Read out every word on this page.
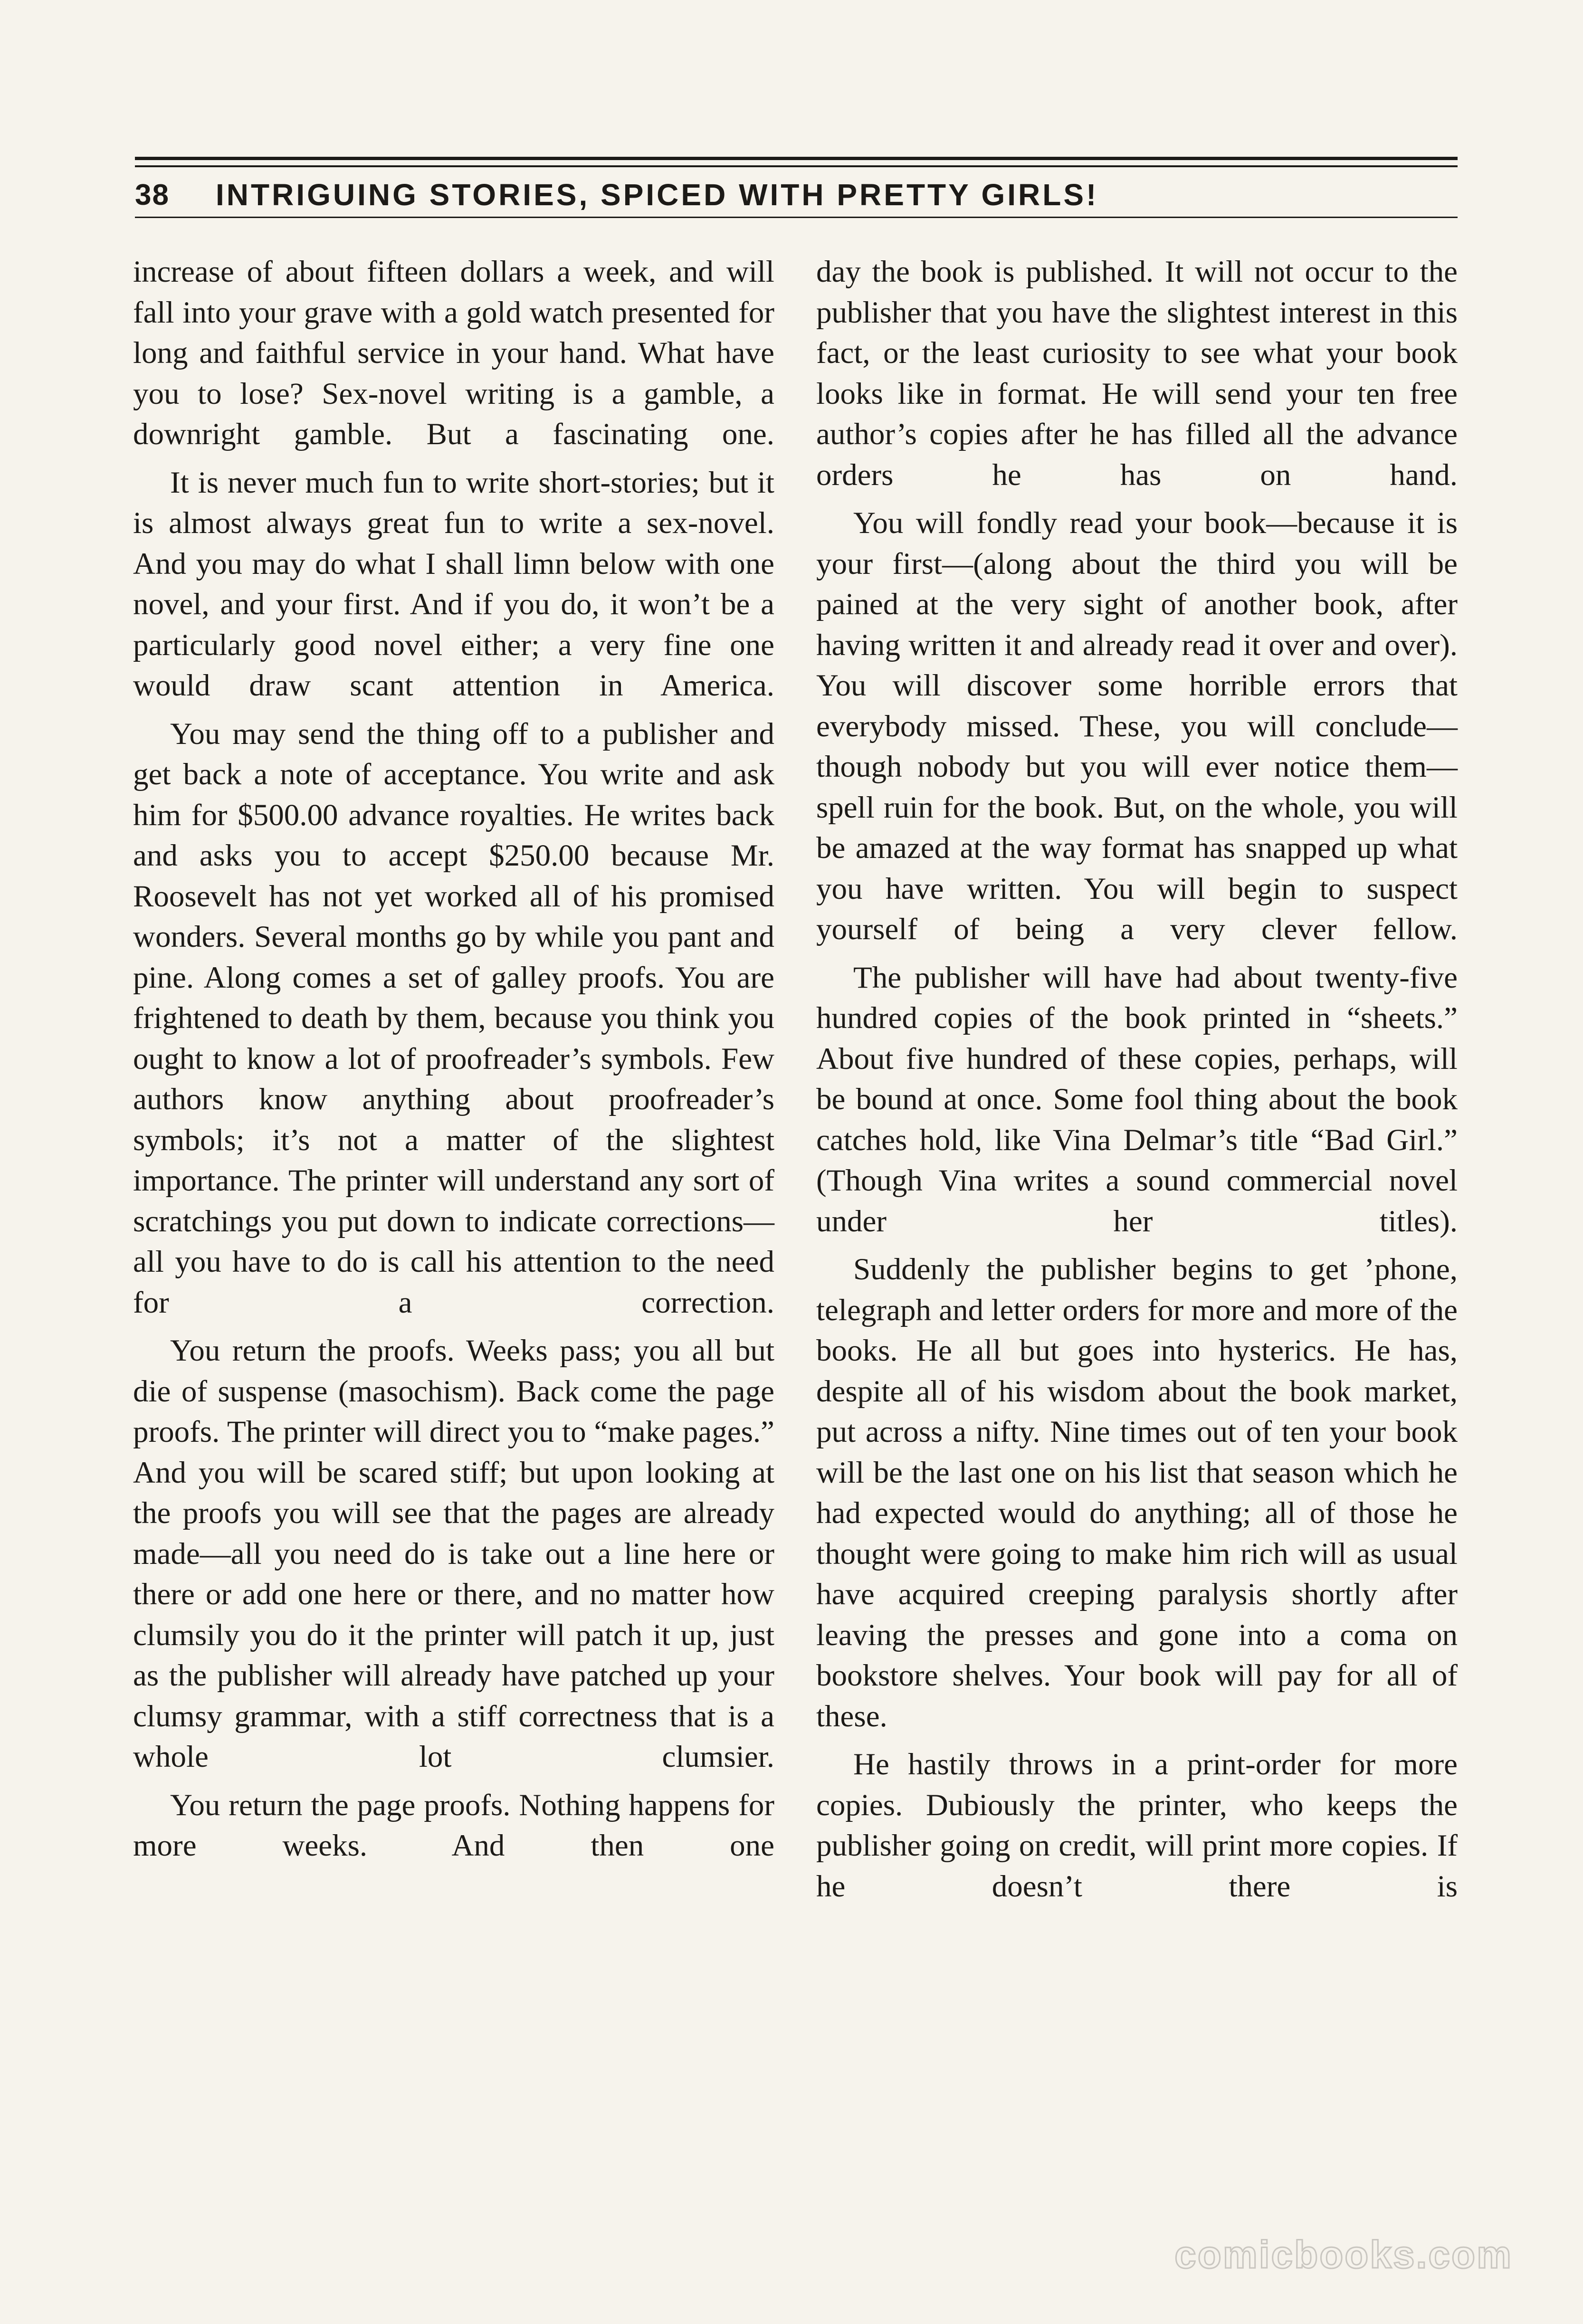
38	INTRIGUING STORIES, SPICED WITH PRETTY GIRLS!

increase of about fifteen dollars a week, and will fall into your grave with a gold watch presented for long and faithful service in your hand. What have you to lose? Sex-novel writing is a gamble, a downright gamble. But a fascinating one.

It is never much fun to write short-stories; but it is almost always great fun to write a sex-novel. And you may do what I shall limn below with one novel, and your first. And if you do, it won’t be a particularly good novel either; a very fine one would draw scant attention in America.

You may send the thing off to a publisher and get back a note of acceptance. You write and ask him for $500.00 advance royalties. He writes back and asks you to accept $250.00 because Mr. Roosevelt has not yet worked all of his promised wonders. Several months go by while you pant and pine. Along comes a set of galley proofs. You are frightened to death by them, because you think you ought to know a lot of proofreader’s symbols. Few authors know anything about proofreader’s symbols; it’s not a matter of the slightest importance. The printer will understand any sort of scratchings you put down to indicate corrections—all you have to do is call his attention to the need for a correction.

You return the proofs. Weeks pass; you all but die of suspense (masochism). Back come the page proofs. The printer will direct you to “make pages.” And you will be scared stiff; but upon looking at the proofs you will see that the pages are already made—all you need do is take out a line here or there or add one here or there, and no matter how clumsily you do it the printer will patch it up, just as the publisher will already have patched up your clumsy grammar, with a stiff correctness that is a whole lot clumsier.

You return the page proofs. Nothing happens for more weeks. And then one

day the book is published. It will not occur to the publisher that you have the slightest interest in this fact, or the least curiosity to see what your book looks like in format. He will send your ten free author’s copies after he has filled all the advance orders he has on hand.

You will fondly read your book—because it is your first—(along about the third you will be pained at the very sight of another book, after having written it and already read it over and over). You will discover some horrible errors that everybody missed. These, you will conclude—though nobody but you will ever notice them—spell ruin for the book. But, on the whole, you will be amazed at the way format has snapped up what you have written. You will begin to suspect yourself of being a very clever fellow.

The publisher will have had about twenty-five hundred copies of the book printed in “sheets.” About five hundred of these copies, perhaps, will be bound at once. Some fool thing about the book catches hold, like Vina Delmar’s title “Bad Girl.” (Though Vina writes a sound commercial novel under her titles).

Suddenly the publisher begins to get ’phone, telegraph and letter orders for more and more of the books. He all but goes into hysterics. He has, despite all of his wisdom about the book market, put across a nifty. Nine times out of ten your book will be the last one on his list that season which he had expected would do anything; all of those he thought were going to make him rich will as usual have acquired creeping paralysis shortly after leaving the presses and gone into a coma on bookstore shelves. Your book will pay for all of these.

He hastily throws in a print-order for more copies. Dubiously the printer, who keeps the publisher going on credit, will print more copies. If he doesn’t there is

comicbooks.com
